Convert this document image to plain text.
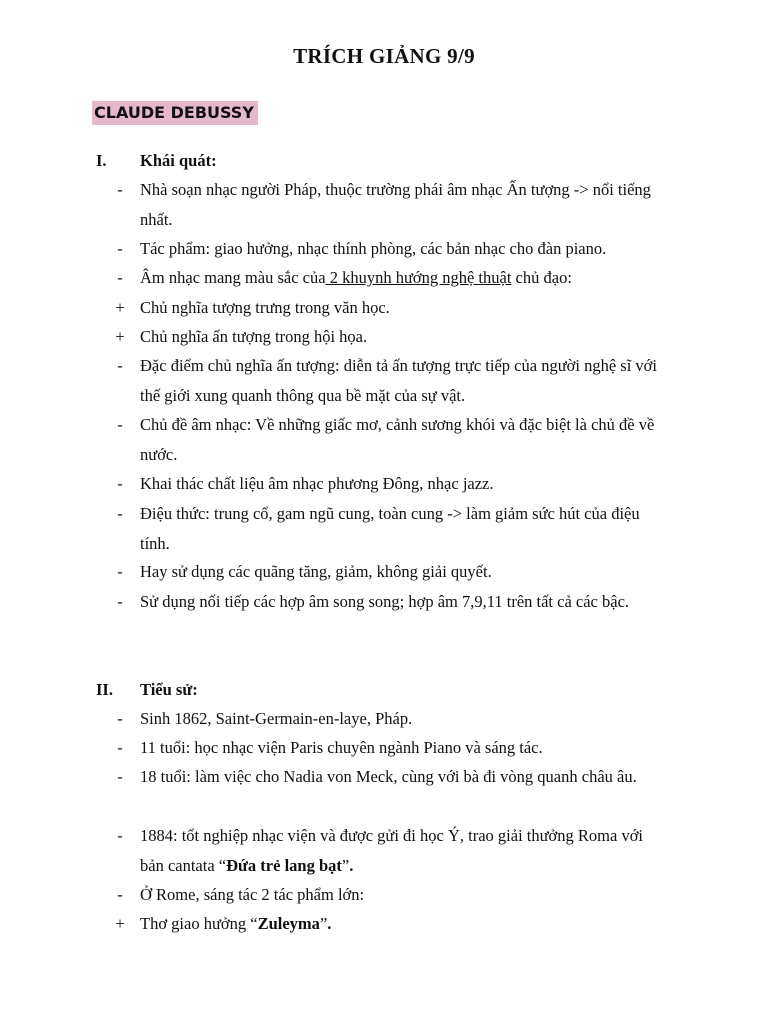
TRÍCH GIẢNG 9/9
CLAUDE DEBUSSY
I.	Khái quát:
- Nhà soạn nhạc người Pháp, thuộc trường phái âm nhạc Ấn tượng -> nổi tiếng nhất.
- Tác phẩm: giao hưởng, nhạc thính phòng, các bản nhạc cho đàn piano.
- Âm nhạc mang màu sắc của 2 khuynh hướng nghệ thuật chủ đạo:
+ Chủ nghĩa tượng trưng trong văn học.
+ Chủ nghĩa ấn tượng trong hội họa.
- Đặc điểm chủ nghĩa ấn tượng: diễn tả ấn tượng trực tiếp của người nghệ sĩ với thế giới xung quanh thông qua bề mặt của sự vật.
- Chủ đề âm nhạc: Về những giấc mơ, cảnh sương khói và đặc biệt là chủ đề về nước.
- Khai thác chất liệu âm nhạc phương Đông, nhạc jazz.
- Điệu thức: trung cổ, gam ngũ cung, toàn cung -> làm giảm sức hút của điệu tính.
- Hay sử dụng các quãng tăng, giảm, không giải quyết.
- Sử dụng nối tiếp các hợp âm song song; hợp âm 7,9,11 trên tất cả các bậc.
II.	Tiểu sử:
- Sinh 1862, Saint-Germain-en-laye, Pháp.
- 11 tuổi: học nhạc viện Paris chuyên ngành Piano và sáng tác.
- 18 tuổi: làm việc cho Nadia von Meck, cùng với bà đi vòng quanh châu âu.
- 1884: tốt nghiệp nhạc viện và được gửi đi học Ý, trao giải thưởng Roma với bản cantata “Đứa trẻ lang bạt”.
- Ở Rome, sáng tác 2 tác phẩm lớn:
+ Thơ giao hưởng “Zuleyma”.
